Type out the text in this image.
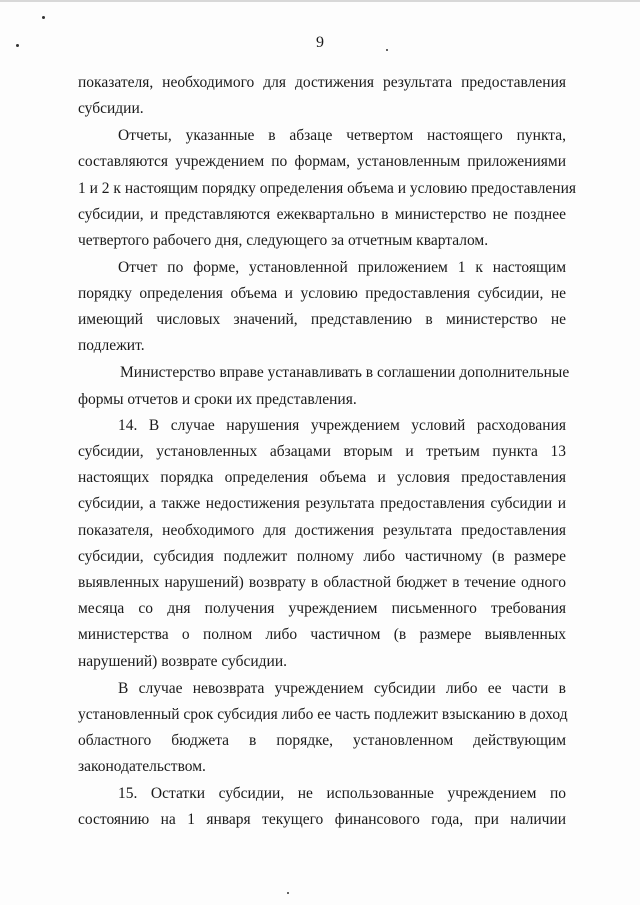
9
показателя, необходимого для достижения результата предоставления
субсидии.
Отчеты, указанные в абзаце четвертом настоящего пункта,
составляются учреждением по формам, установленным приложениями
1 и 2 к настоящим порядку определения объема и условию предоставления
субсидии, и представляются ежеквартально в министерство не позднее
четвертого рабочего дня, следующего за отчетным кварталом.
Отчет по форме, установленной приложением 1 к настоящим
порядку определения объема и условию предоставления субсидии, не
имеющий числовых значений, представлению в министерство не
подлежит.
Министерство вправе устанавливать в соглашении дополнительные
формы отчетов и сроки их представления.
14. В случае нарушения учреждением условий расходования
субсидии, установленных абзацами вторым и третьим пункта 13
настоящих порядка определения объема и условия предоставления
субсидии, а также недостижения результата предоставления субсидии и
показателя, необходимого для достижения результата предоставления
субсидии, субсидия подлежит полному либо частичному (в размере
выявленных нарушений) возврату в областной бюджет в течение одного
месяца со дня получения учреждением письменного требования
министерства о полном либо частичном (в размере выявленных
нарушений) возврате субсидии.
В случае невозврата учреждением субсидии либо ее части в
установленный срок субсидия либо ее часть подлежит взысканию в доход
областного бюджета в порядке, установленном действующим
законодательством.
15. Остатки субсидии, не использованные учреждением по
состоянию на 1 января текущего финансового года, при наличии
